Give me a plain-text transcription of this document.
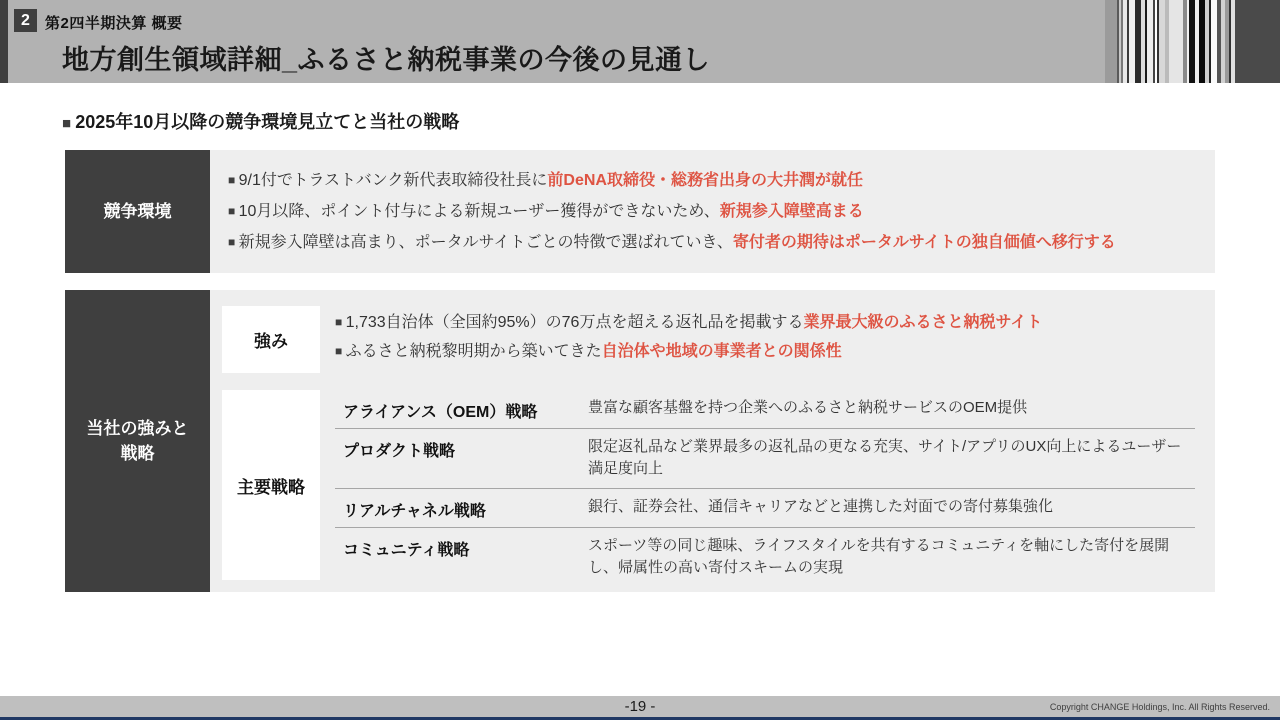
2	第2四半期決算 概要
地方創生領域詳細_ふるさと納税事業の今後の見通し
■ 2025年10月以降の競争環境見立てと当社の戦略
競争環境
■ 9/1付でトラストバンク新代表取締役社長に前DeNA取締役・総務省出身の大井潤が就任
■ 10月以降、ポイント付与による新規ユーザー獲得ができないため、新規参入障壁高まる
■ 新規参入障壁は高まり、ポータルサイトごとの特徴で選ばれていき、寄付者の期待はポータルサイトの独自価値へ移行する
当社の強みと戦略
強み
■ 1,733自治体（全国約95%）の76万点を超える返礼品を掲載する業界最大級のふるさと納税サイト
■ ふるさと納税黎明期から築いてきた自治体や地域の事業者との関係性
主要戦略
アライアンス（OEM）戦略	豊富な顧客基盤を持つ企業へのふるさと納税サービスのOEM提供
プロダクト戦略	限定返礼品など業界最多の返礼品の更なる充実、サイト/アプリのUX向上によるユーザー満足度向上
リアルチャネル戦略	銀行、証券会社、通信キャリアなどと連携した対面での寄付募集強化
コミュニティ戦略	スポーツ等の同じ趣味、ライフスタイルを共有するコミュニティを軸にした寄付を展開し、帰属性の高い寄付スキームの実現
-19 -	Copyright CHANGE Holdings, Inc. All Rights Reserved.
